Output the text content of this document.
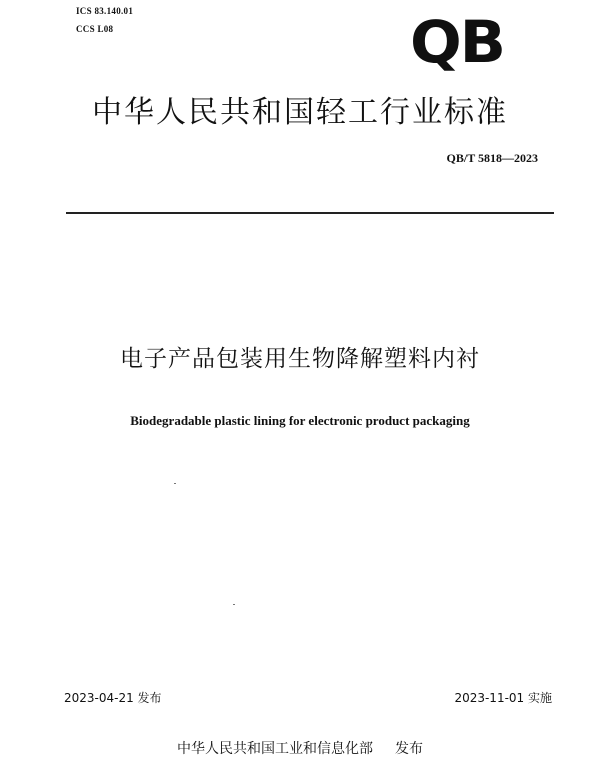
ICS 83.140.01
CCS L08	QB
中华人民共和国轻工行业标准
QB/T 5818—2023
电子产品包装用生物降解塑料内衬
Biodegradable plastic lining for electronic product packaging
2023-04-21 发布	2023-11-01 实施
中华人民共和国工业和信息化部 发布
